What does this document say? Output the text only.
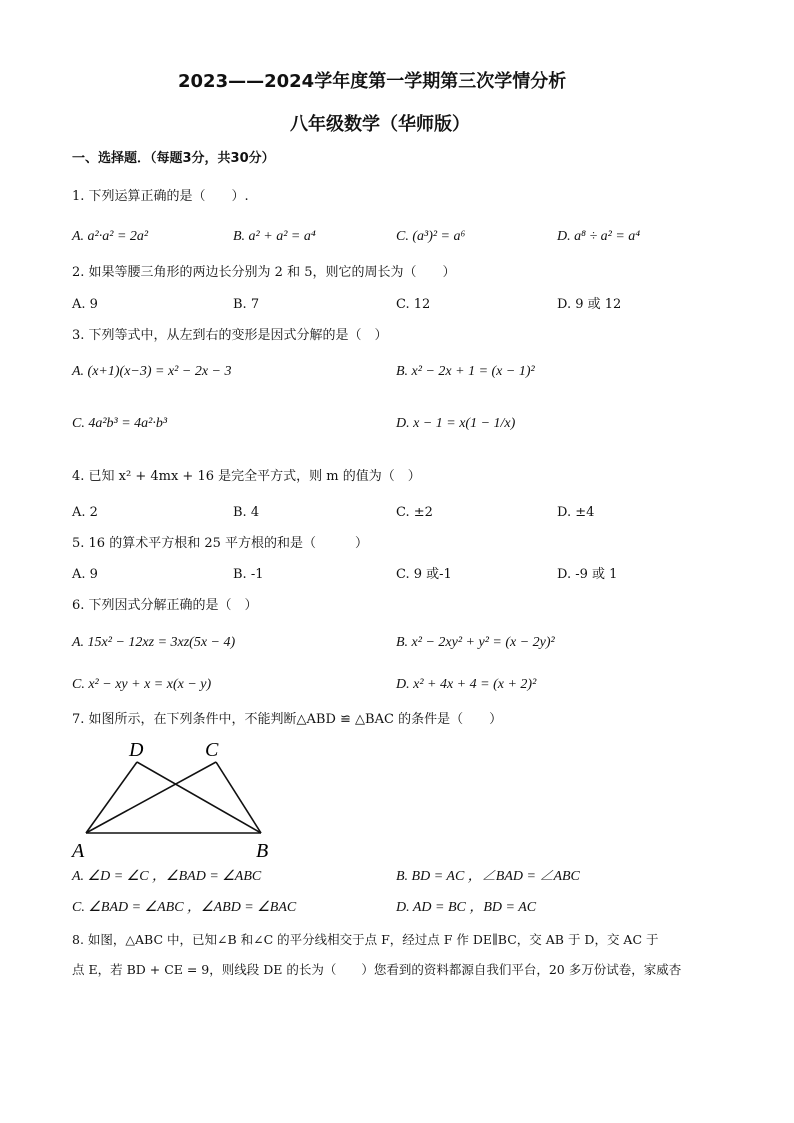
2023——2024学年度第一学期第三次学情分析
八年级数学（华师版）
一、选择题．（每题3分，共30分）
1. 下列运算正确的是（　　）.
A. a²·a² = 2a²	B. a² + a² = a⁴	C. (a³)² = a⁶	D. a⁸ ÷ a² = a⁴
2. 如果等腰三角形的两边长分别为 2 和 5，则它的周长为（　　）
A. 9	B. 7	C. 12	D. 9 或 12
3. 下列等式中，从左到右的变形是因式分解的是（　）
A. (x+1)(x−3) = x² − 2x − 3	B. x² − 2x + 1 = (x − 1)²
C. 4a²b³ = 4a²·b³	D. x − 1 = x(1 − 1/x)
4. 已知 x² + 4mx + 16 是完全平方式，则 m 的值为（　）
A. 2	B. 4	C. ±2	D. ±4
5. 16 的算术平方根和 25 平方根的和是（　　　）
A. 9	B. -1	C. 9 或-1	D. -9 或 1
6. 下列因式分解正确的是（　）
A. 15x² − 12xz = 3xz(5x − 4)	B. x² − 2xy² + y² = (x − 2y)²
C. x² − xy + x = x(x − y)	D. x² + 4x + 4 = (x + 2)²
7. 如图所示，在下列条件中，不能判断△ABD ≌ △BAC 的条件是（　　）
D	C
A	B
A. ∠D = ∠C ，∠BAD = ∠ABC	B. BD = AC ，∠BAD = ∠ABC
C. ∠BAD = ∠ABC ，∠ABD = ∠BAC	D. AD = BC ，BD = AC
8. 如图，△ABC 中，已知∠B 和∠C 的平分线相交于点 F，经过点 F 作 DE∥BC，交 AB 于 D，交 AC 于
点 E，若 BD + CE = 9，则线段 DE 的长为（　　）您看到的资料都源自我们平台，20 多万份试卷，家威杏
